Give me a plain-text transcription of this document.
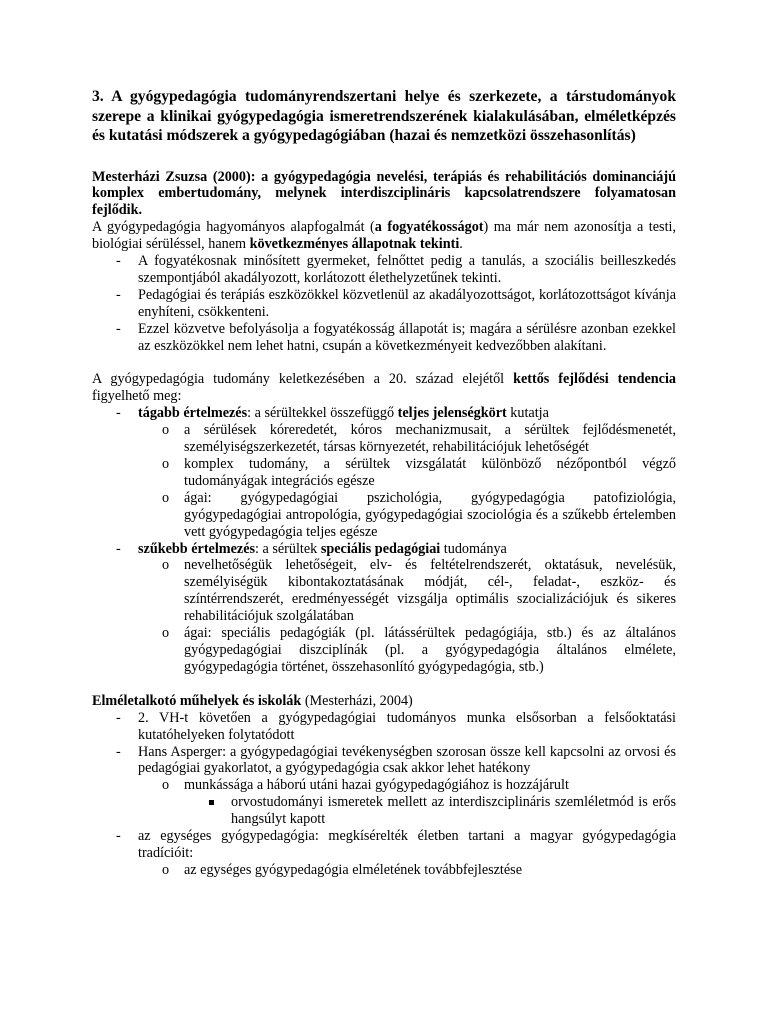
3. A gyógypedagógia tudományrendszertani helye és szerkezete, a társtudományok szerepe a klinikai gyógypedagógia ismeretrendszerének kialakulásában, elméletképzés és kutatási módszerek a gyógypedagógiában (hazai és nemzetközi összehasonlítás)

Mesterházi Zsuzsa (2000): a gyógypedagógia nevelési, terápiás és rehabilitációs dominanciájú komplex embertudomány, melynek interdiszciplináris kapcsolatrendszere folyamatosan fejlődik.

A gyógypedagógia hagyományos alapfogalmát (a fogyatékosságot) ma már nem azonosítja a testi, biológiai sérüléssel, hanem következményes állapotnak tekinti.

- A fogyatékosnak minősített gyermeket, felnőttet pedig a tanulás, a szociális beilleszkedés szempontjából akadályozott, korlátozott élethelyzetűnek tekinti.
- Pedagógiai és terápiás eszközökkel közvetlenül az akadályozottságot, korlátozottságot kívánja enyhíteni, csökkenteni.
- Ezzel közvetve befolyásolja a fogyatékosság állapotát is; magára a sérülésre azonban ezekkel az eszközökkel nem lehet hatni, csupán a következményeit kedvezőbben alakítani.

A gyógypedagógia tudomány keletkezésében a 20. század elejétől kettős fejlődési tendencia figyelhető meg:

- tágabb értelmezés: a sérültekkel összefüggő teljes jelenségkört kutatja
o a sérülések kóreredetét, kóros mechanizmusait, a sérültek fejlődésmenetét, személyiségszerkezetét, társas környezetét, rehabilitációjuk lehetőségét
o komplex tudomány, a sérültek vizsgálatát különböző nézőpontból végző tudományágak integrációs egésze
o ágai: gyógypedagógiai pszichológia, gyógypedagógia patofiziológia, gyógypedagógiai antropológia, gyógypedagógiai szociológia és a szűkebb értelemben vett gyógypedagógia teljes egésze
- szűkebb értelmezés: a sérültek speciális pedagógiai tudománya
o nevelhetőségük lehetőségeit, elv- és feltételrendszerét, oktatásuk, nevelésük, személyiségük kibontakoztatásának módját, cél-, feladat-, eszköz- és színtérrendszerét, eredményességét vizsgálja optimális szocializációjuk és sikeres rehabilitációjuk szolgálatában
o ágai: speciális pedagógiák (pl. látássérültek pedagógiája, stb.) és az általános gyógypedagógiai diszciplínák (pl. a gyógypedagógia általános elmélete, gyógypedagógia történet, összehasonlító gyógypedagógia, stb.)

Elméletalkotó műhelyek és iskolák (Mesterházi, 2004)

- 2. VH-t követően a gyógypedagógiai tudományos munka elsősorban a felsőoktatási kutatóhelyeken folytatódott
- Hans Asperger: a gyógypedagógiai tevékenységben szorosan össze kell kapcsolni az orvosi és pedagógiai gyakorlatot, a gyógypedagógia csak akkor lehet hatékony
o munkássága a háború utáni hazai gyógypedagógiához is hozzájárult
orvostudományi ismeretek mellett az interdiszciplináris szemléletmód is erős hangsúlyt kapott
- az egységes gyógypedagógia: megkísérelték életben tartani a magyar gyógypedagógia tradícióit:
o az egységes gyógypedagógia elméletének továbbfejlesztése
